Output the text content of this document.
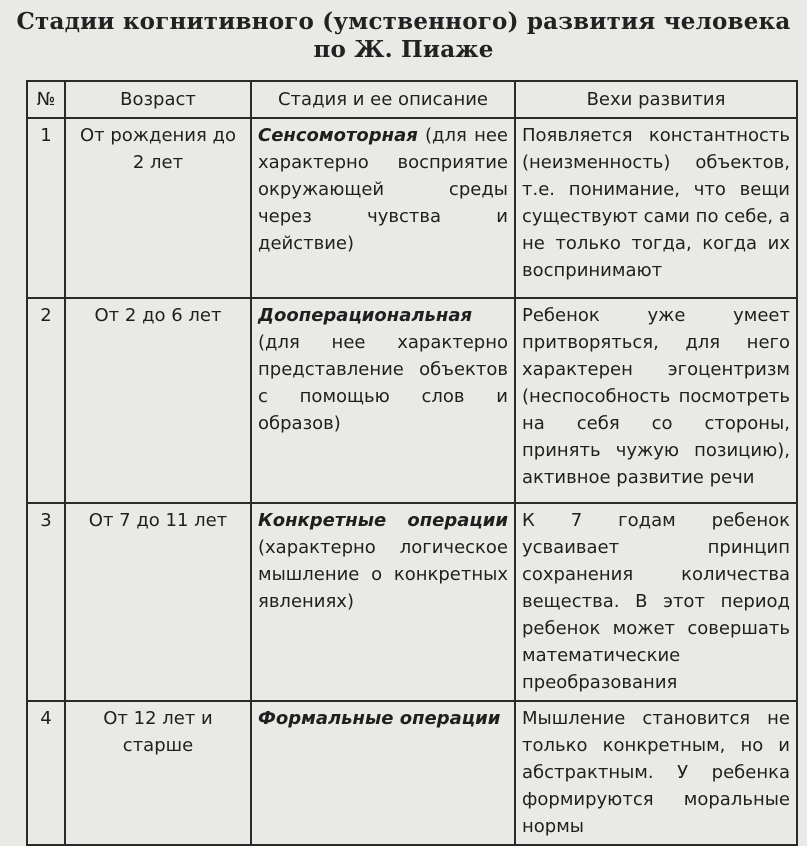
Стадии когнитивного (умственного) развития человека
по Ж. Пиаже
№	Возраст	Стадия и ее описание	Вехи развития
1	От рождения до 2 лет	Сенсомоторная (для нее характерно восприятие окружающей среды через чувства и действие)	Появляется константность (неизменность) объектов, т.е. понимание, что вещи существуют сами по себе, а не только тогда, когда их воспринимают
2	От 2 до 6 лет	Дооперациональная (для нее характерно представление объектов с помощью слов и образов)	Ребенок уже умеет притворяться, для него характерен эгоцентризм (неспособность посмотреть на себя со стороны, принять чужую позицию), активное развитие речи
3	От 7 до 11 лет	Конкретные операции (характерно логическое мышление о конкретных явлениях)	К 7 годам ребенок усваивает принцип сохранения количества вещества. В этот период ребенок может совершать математические преобразования
4	От 12 лет и старше	Формальные операции	Мышление становится не только конкретным, но и абстрактным. У ребенка формируются моральные нормы
